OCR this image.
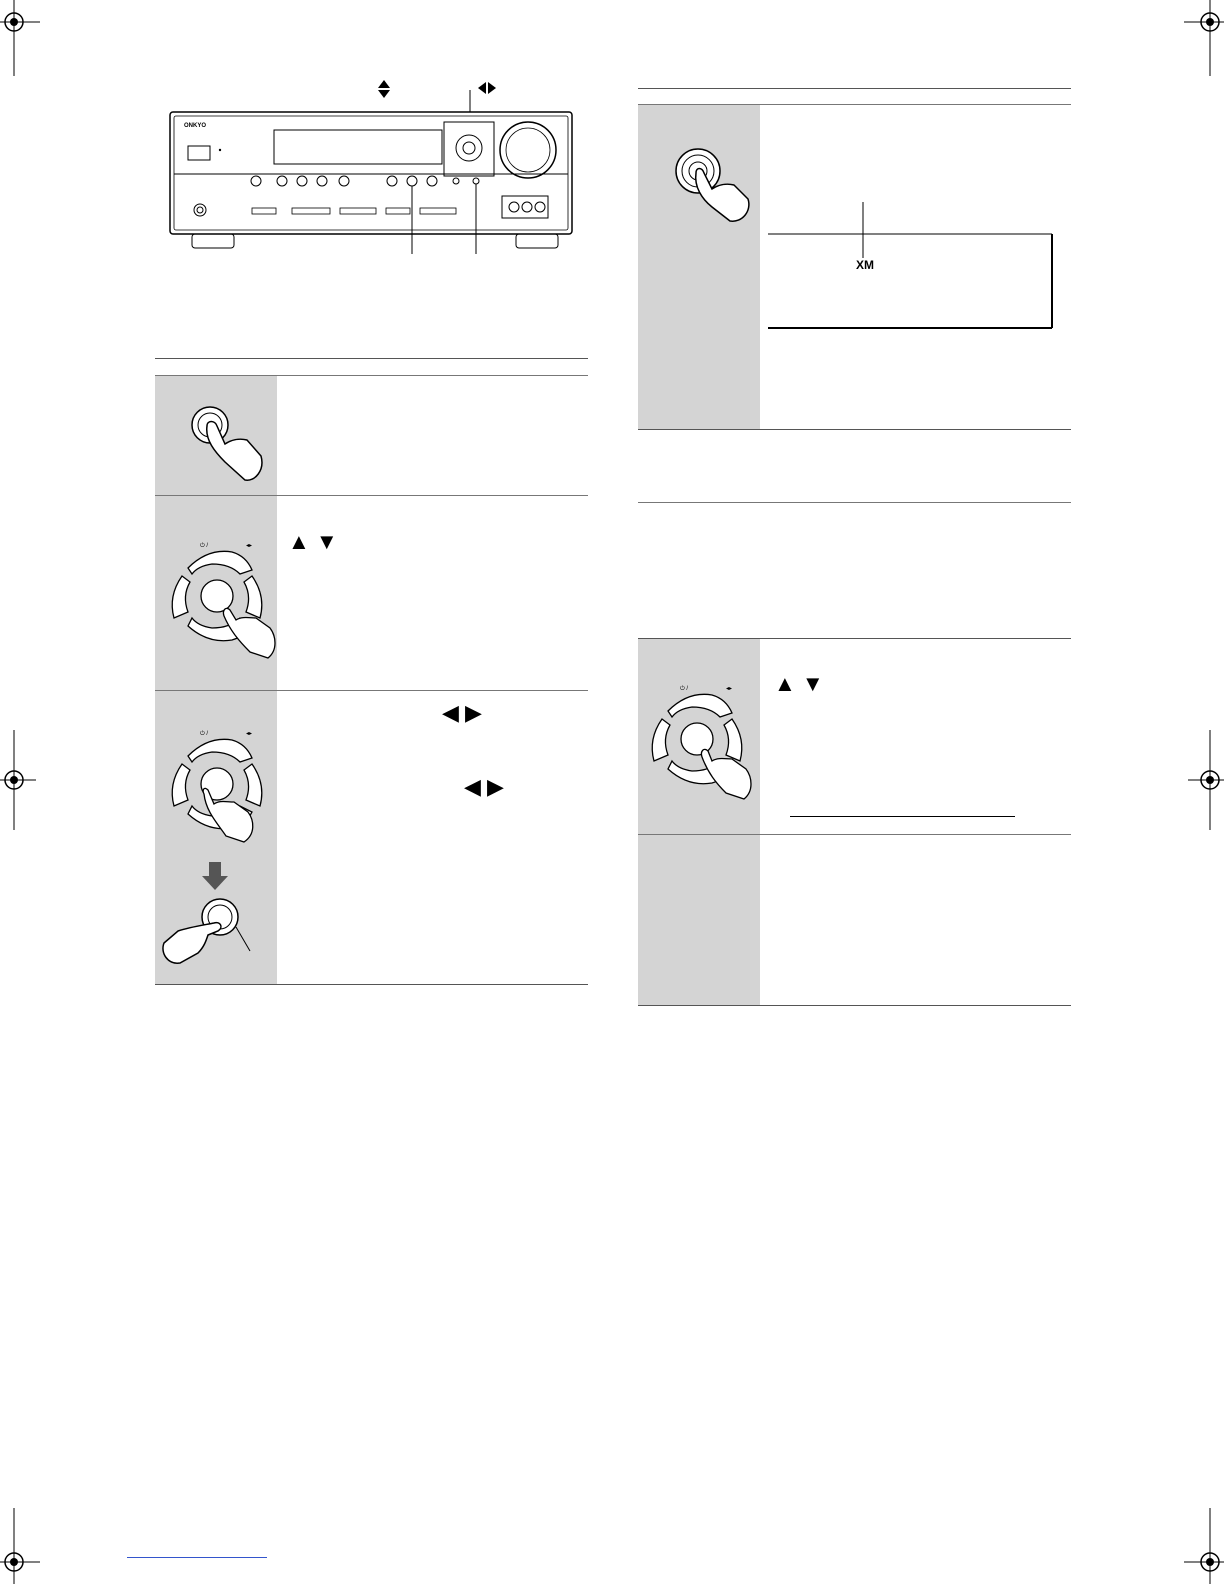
ONKYO
⏻ /	◂▸ ▲ ▼
⏻ /	◂▸
◀ ▶
◀ ▶
XM
⏻ /	◂▸ ▲ ▼
